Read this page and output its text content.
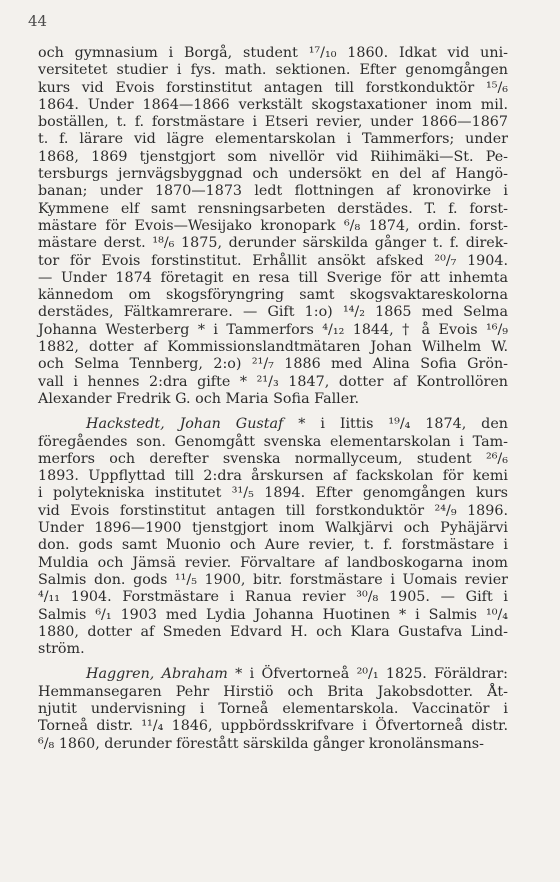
44
och gymnasium i Borgå, student ¹⁷/₁₀ 1860. Idkat vid uni-
versitetet studier i fys. math. sektionen. Efter genomgången
kurs vid Evois forstinstitut antagen till forstkonduktör ¹⁵/₆
1864. Under 1864—1866 verkstält skogstaxationer inom mil.
boställen, t. f. forstmästare i Etseri revier, under 1866—1867
t. f. lärare vid lägre elementarskolan i Tammerfors; under
1868, 1869 tjenstgjort som nivellör vid Riihimäki—St. Pe-
tersburgs jernvägsbyggnad och undersökt en del af Hangö-
banan; under 1870—1873 ledt flottningen af kronovirke i
Kymmene elf samt rensningsarbeten derstädes. T. f. forst-
mästare för Evois—Wesijako kronopark ⁶/₈ 1874, ordin. forst-
mästare derst. ¹⁸/₆ 1875, derunder särskilda gånger t. f. direk-
tor för Evois forstinstitut. Erhållit ansökt afsked ²⁰/₇ 1904.
— Under 1874 företagit en resa till Sverige för att inhemta
kännedom om skogsföryngring samt skogsvaktareskolorna
derstädes, Fältkamrerare. — Gift 1:o) ¹⁴/₂ 1865 med Selma
Johanna Westerberg * i Tammerfors ⁴/₁₂ 1844, † å Evois ¹⁶/₉
1882, dotter af Kommissionslandtmätaren Johan Wilhelm W.
och Selma Tennberg, 2:o) ²¹/₇ 1886 med Alina Sofia Grön-
vall i hennes 2:dra gifte * ²¹/₃ 1847, dotter af Kontrollören
Alexander Fredrik G. och Maria Sofia Faller.
Hackstedt, Johan Gustaf * i Iittis ¹⁹/₄ 1874, den
föregåendes son. Genomgått svenska elementarskolan i Tam-
merfors och derefter svenska normallyceum, student ²⁶/₆
1893. Uppflyttad till 2:dra årskursen af fackskolan för kemi
i polytekniska institutet ³¹/₅ 1894. Efter genomgången kurs
vid Evois forstinstitut antagen till forstkonduktör ²⁴/₉ 1896.
Under 1896—1900 tjenstgjort inom Walkjärvi och Pyhäjärvi
don. gods samt Muonio och Aure revier, t. f. forstmästare i
Muldia och Jämsä revier. Förvaltare af landboskogarna inom
Salmis don. gods ¹¹/₅ 1900, bitr. forstmästare i Uomais revier
⁴/₁₁ 1904. Forstmästare i Ranua revier ³⁰/₈ 1905. — Gift i
Salmis ⁶/₁ 1903 med Lydia Johanna Huotinen * i Salmis ¹⁰/₄
1880, dotter af Smeden Edvard H. och Klara Gustafva Lind-
ström.
Haggren, Abraham * i Öfvertorneå ²⁰/₁ 1825. Föräldrar:
Hemmansegaren Pehr Hirstiö och Brita Jakobsdotter. Åt-
njutit undervisning i Torneå elementarskola. Vaccinatör i
Torneå distr. ¹¹/₄ 1846, uppbördsskrifvare i Öfvertorneå distr.
⁶/₈ 1860, derunder förestått särskilda gånger kronolänsmans-
